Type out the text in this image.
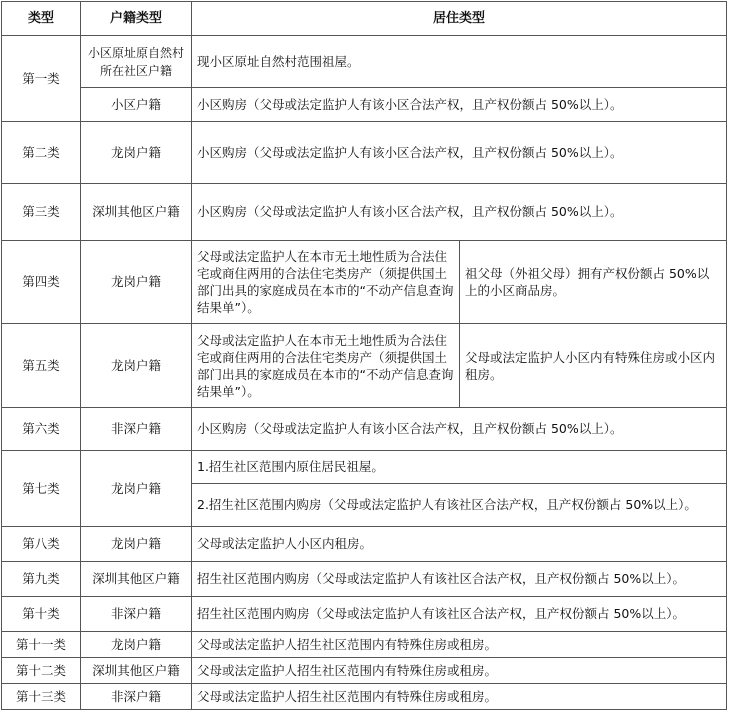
类型	户籍类型	居住类型	
第一类	小区原址原自然村所在社区户籍	现小区原址自然村范围祖屋。	
	小区户籍	小区购房（父母或法定监护人有该小区合法产权，且产权份额占 50%以上）。	
第二类	龙岗户籍	小区购房（父母或法定监护人有该小区合法产权，且产权份额占 50%以上）。	
第三类	深圳其他区户籍	小区购房（父母或法定监护人有该小区合法产权，且产权份额占 50%以上）。	
第四类	龙岗户籍	父母或法定监护人在本市无土地性质为合法住宅或商住两用的合法住宅类房产（须提供国土部门出具的家庭成员在本市的“不动产信息查询结果单”）。	祖父母（外祖父母）拥有产权份额占 50%以上的小区商品房。
第五类	龙岗户籍	父母或法定监护人在本市无土地性质为合法住宅或商住两用的合法住宅类房产（须提供国土部门出具的家庭成员在本市的“不动产信息查询结果单”）。	父母或法定监护人小区内有特殊住房或小区内租房。
第六类	非深户籍	小区购房（父母或法定监护人有该小区合法产权，且产权份额占 50%以上）。	
第七类	龙岗户籍	1.招生社区范围内原住居民祖屋。	
		2.招生社区范围内购房（父母或法定监护人有该社区合法产权，且产权份额占 50%以上）。	
第八类	龙岗户籍	父母或法定监护人小区内租房。	
第九类	深圳其他区户籍	招生社区范围内购房（父母或法定监护人有该社区合法产权，且产权份额占 50%以上）。	
第十类	非深户籍	招生社区范围内购房（父母或法定监护人有该社区合法产权，且产权份额占 50%以上）。	
第十一类	龙岗户籍	父母或法定监护人招生社区范围内有特殊住房或租房。	
第十二类	深圳其他区户籍	父母或法定监护人招生社区范围内有特殊住房或租房。	
第十三类	非深户籍	父母或法定监护人招生社区范围内有特殊住房或租房。	
